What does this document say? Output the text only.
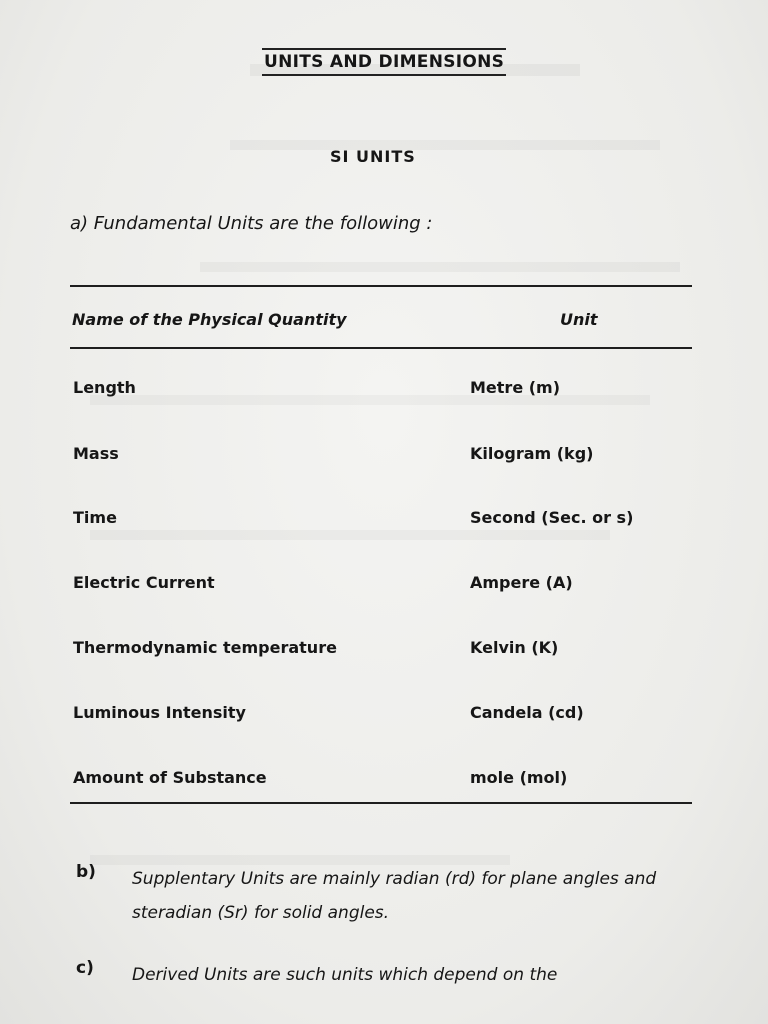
UNITS AND DIMENSIONS
SI UNITS
a) Fundamental Units are the following :
Name of the Physical Quantity	Unit
Length	Metre (m)
Mass	Kilogram (kg)
Time	Second (Sec. or s)
Electric Current	Ampere (A)
Thermodynamic temperature	Kelvin (K)
Luminous Intensity	Candela (cd)
Amount of Substance	mole (mol)
b) Supplentary Units are mainly radian (rd) for plane angles and steradian (Sr) for solid angles.
c) Derived Units are such units which depend on the
